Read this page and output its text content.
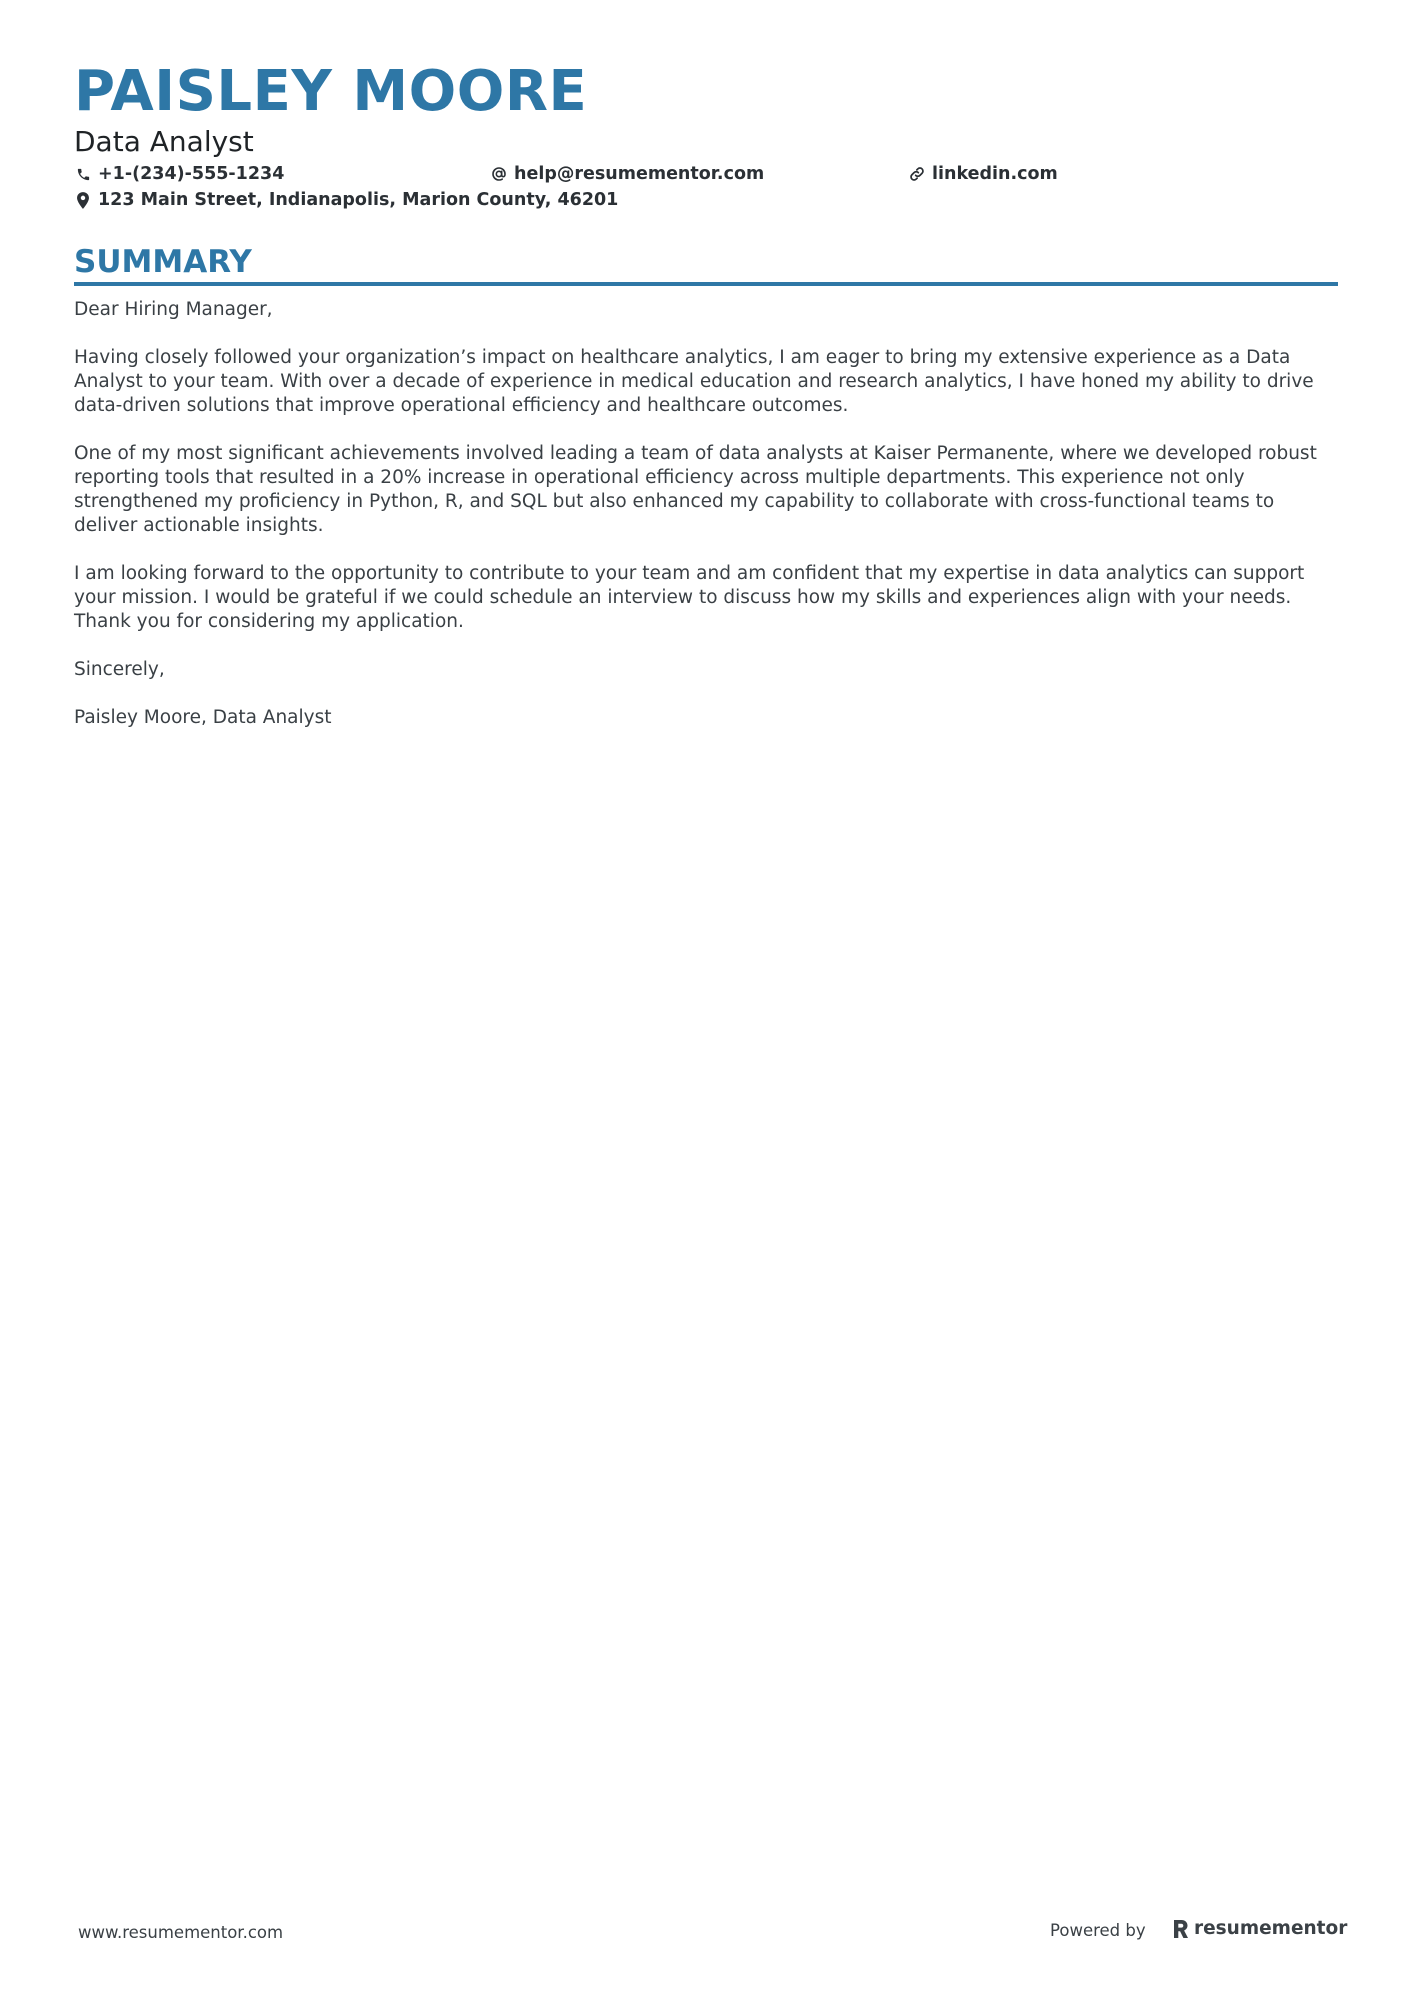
PAISLEY MOORE
Data Analyst
+1-(234)-555-1234	help@resumementor.com	linkedin.com
123 Main Street, Indianapolis, Marion County, 46201
SUMMARY

Dear Hiring Manager,

Having closely followed your organization’s impact on healthcare analytics, I am eager to bring my extensive experience as a Data Analyst to your team. With over a decade of experience in medical education and research analytics, I have honed my ability to drive data-driven solutions that improve operational efficiency and healthcare outcomes.

One of my most significant achievements involved leading a team of data analysts at Kaiser Permanente, where we developed robust reporting tools that resulted in a 20% increase in operational efficiency across multiple departments. This experience not only strengthened my proficiency in Python, R, and SQL but also enhanced my capability to collaborate with cross-functional teams to deliver actionable insights.

I am looking forward to the opportunity to contribute to your team and am confident that my expertise in data analytics can support your mission. I would be grateful if we could schedule an interview to discuss how my skills and experiences align with your needs. Thank you for considering my application.

Sincerely,

Paisley Moore, Data Analyst

www.resumementor.com	Powered by	resumementor
